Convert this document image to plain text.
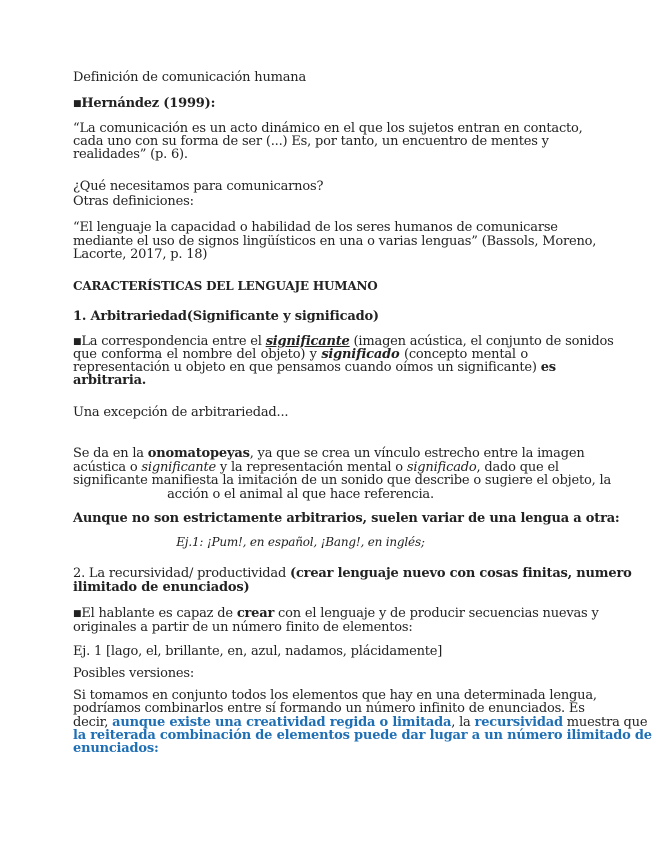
Definición de comunicación humana
■Hernández (1999):
“La comunicación es un acto dinámico en el que los sujetos entran en contacto,
cada uno con su forma de ser (...) Es, por tanto, un encuentro de mentes y
realidades” (p. 6).
¿Qué necesitamos para comunicarnos?
Otras definiciones:
“El lenguaje la capacidad o habilidad de los seres humanos de comunicarse
mediante el uso de signos lingüísticos en una o varias lenguas” (Bassols, Moreno,
Lacorte, 2017, p. 18)
CARACTERÍSTICAS DEL LENGUAJE HUMANO
1. Arbitrariedad(Significante y significado)
■La correspondencia entre el significante (imagen acústica, el conjunto de sonidos
que conforma el nombre del objeto) y significado (concepto mental o
representación u objeto en que pensamos cuando oímos un significante) es
arbitraria.
Una excepción de arbitrariedad...
Se da en la onomatopeyas, ya que se crea un vínculo estrecho entre la imagen
acústica o significante y la representación mental o significado, dado que el
significante manifiesta la imitación de un sonido que describe o sugiere el objeto, la
acción o el animal al que hace referencia.
Aunque no son estrictamente arbitrarios, suelen variar de una lengua a otra:
Ej.1: ¡Pum!, en español, ¡Bang!, en inglés;
2. La recursividad/ productividad (crear lenguaje nuevo con cosas finitas, numero
ilimitado de enunciados)
■El hablante es capaz de crear con el lenguaje y de producir secuencias nuevas y
originales a partir de un número finito de elementos:
Ej. 1 [lago, el, brillante, en, azul, nadamos, plácidamente]
Posibles versiones:
Si tomamos en conjunto todos los elementos que hay en una determinada lengua,
podríamos combinarlos entre sí formando un número infinito de enunciados. Es
decir, aunque existe una creatividad regida o limitada, la recursividad muestra que
la reiterada combinación de elementos puede dar lugar a un número ilimitado de
enunciados:
